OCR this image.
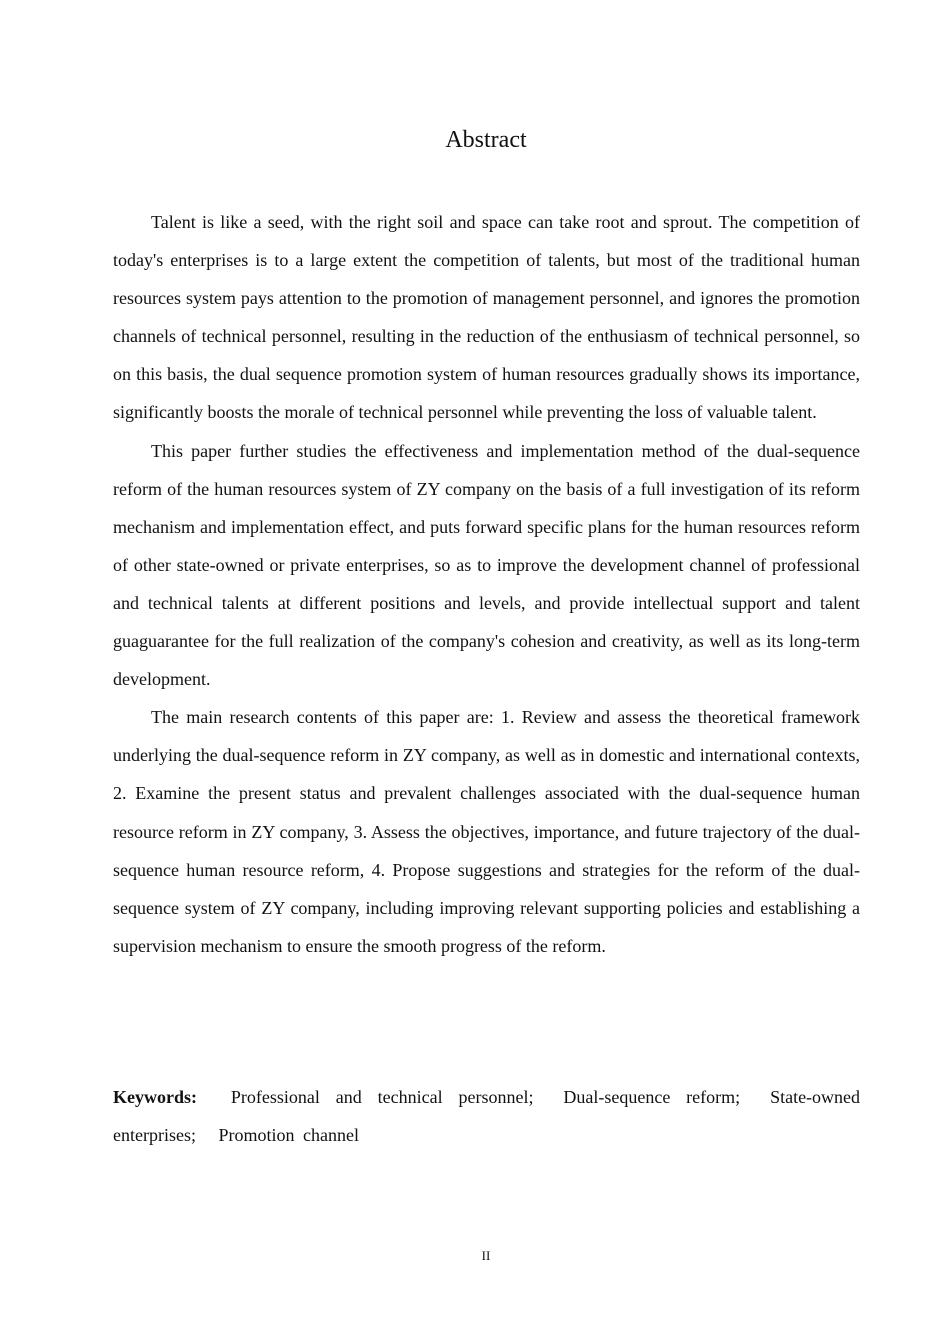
Abstract

Talent is like a seed, with the right soil and space can take root and sprout. The competition of today's enterprises is to a large extent the competition of talents, but most of the traditional human resources system pays attention to the promotion of management personnel, and ignores the promotion channels of technical personnel, resulting in the reduction of the enthusiasm of technical personnel, so on this basis, the dual sequence promotion system of human resources gradually shows its importance, significantly boosts the morale of technical personnel while preventing the loss of valuable talent.

This paper further studies the effectiveness and implementation method of the dual-sequence reform of the human resources system of ZY company on the basis of a full investigation of its reform mechanism and implementation effect, and puts forward specific plans for the human resources reform of other state-owned or private enterprises, so as to improve the development channel of professional and technical talents at different positions and levels, and provide intellectual support and talent guaguarantee for the full realization of the company's cohesion and creativity, as well as its long-term development.

The main research contents of this paper are: 1. Review and assess the theoretical framework underlying the dual-sequence reform in ZY company, as well as in domestic and international contexts, 2. Examine the present status and prevalent challenges associated with the dual-sequence human resource reform in ZY company, 3. Assess the objectives, importance, and future trajectory of the dual-sequence human resource reform, 4. Propose suggestions and strategies for the reform of the dual-sequence system of ZY company, including improving relevant supporting policies and establishing a supervision mechanism to ensure the smooth progress of the reform.

Keywords: Professional and technical personnel; Dual-sequence reform; State-owned enterprises; Promotion channel

II
